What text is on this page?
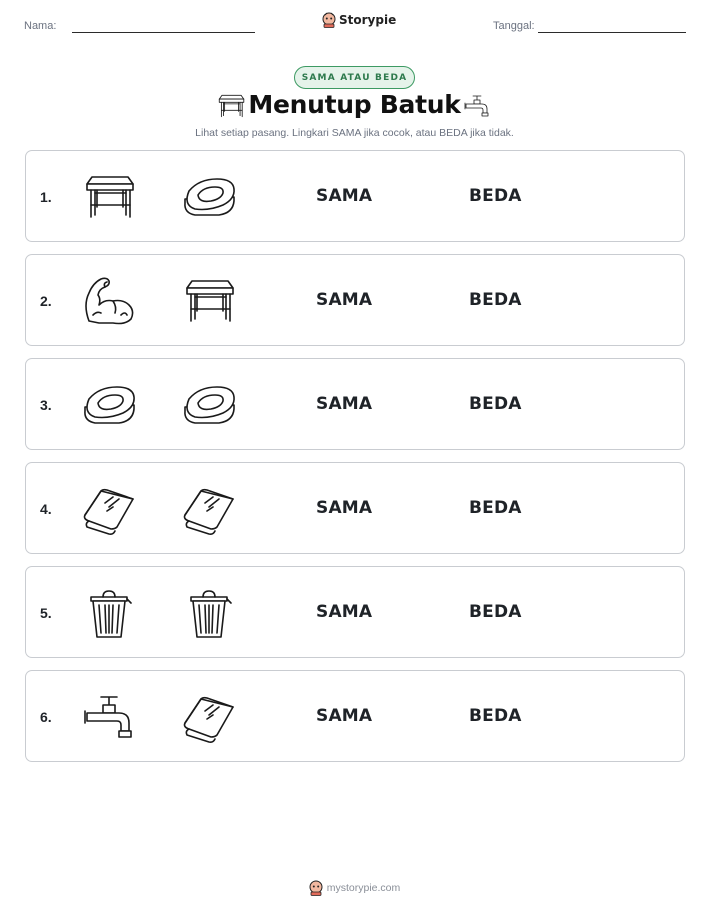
Nama:	Storypie	Tanggal:
SAMA ATAU BEDA
Menutup Batuk
Lihat setiap pasang. Lingkari SAMA jika cocok, atau BEDA jika tidak.
1.	SAMA	BEDA
2.	SAMA	BEDA
3.	SAMA	BEDA
4.	SAMA	BEDA
5.	SAMA	BEDA
6.	SAMA	BEDA
mystorypie.com
